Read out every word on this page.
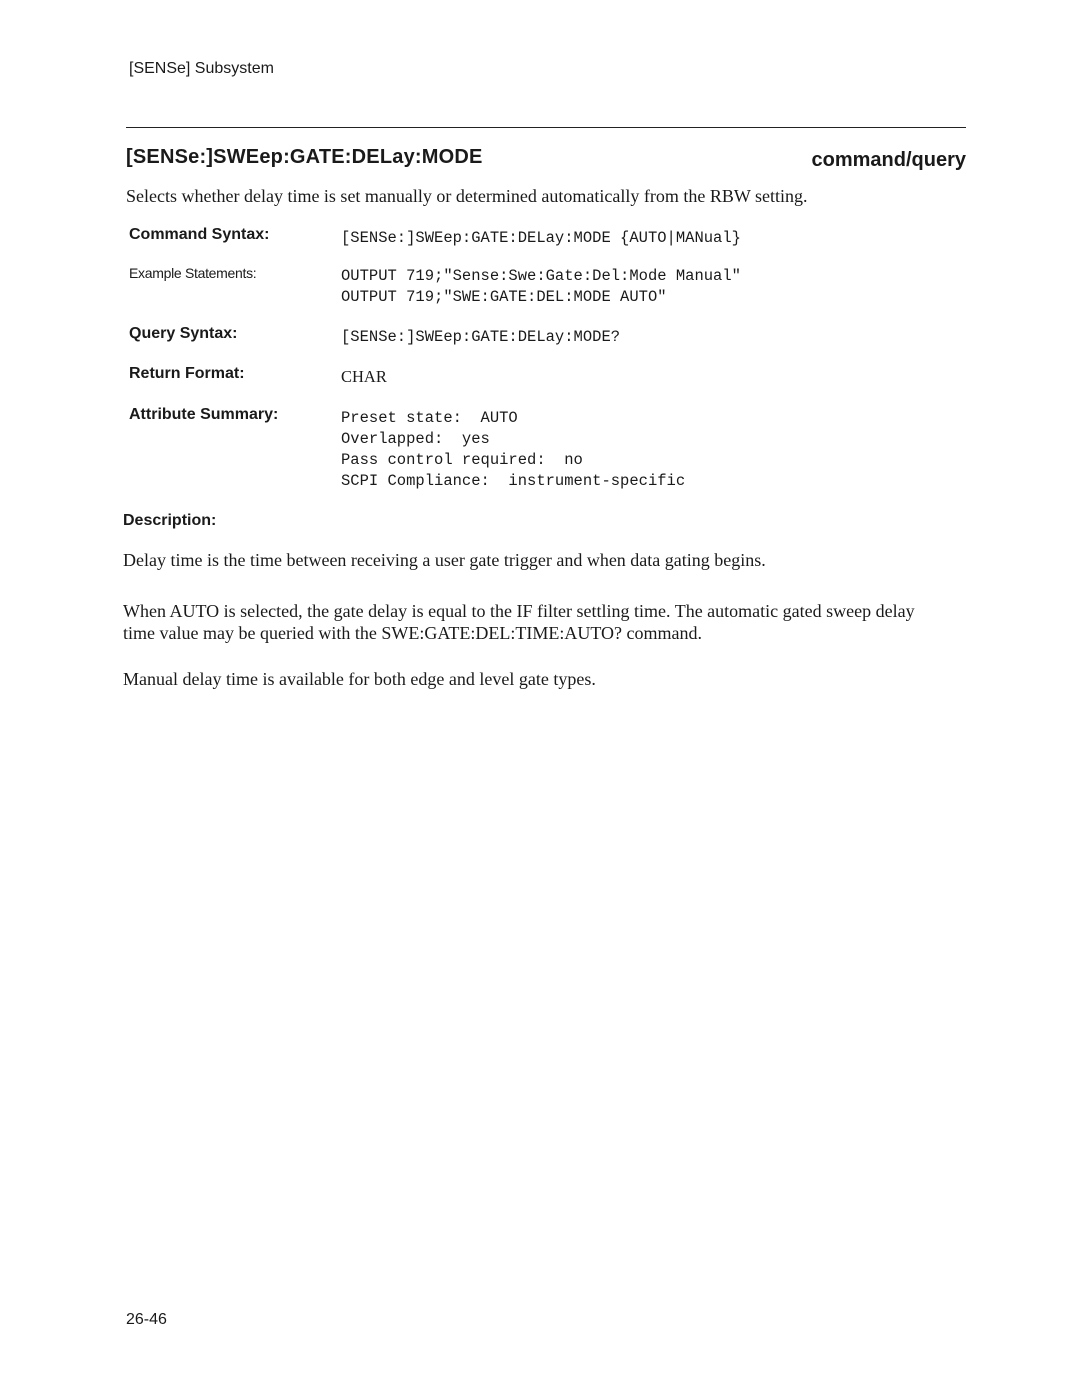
[SENSe] Subsystem
[SENSe:]SWEep:GATE:DELay:MODE	command/query
Selects whether delay time is set manually or determined automatically from the RBW setting.
Command Syntax:	[SENSe:]SWEep:GATE:DELay:MODE {AUTO|MANual}
Example Statements:	OUTPUT 719;"Sense:Swe:Gate:Del:Mode Manual"
OUTPUT 719;"SWE:GATE:DEL:MODE AUTO"
Query Syntax:	[SENSe:]SWEep:GATE:DELay:MODE?
Return Format:	CHAR
Attribute Summary:	Preset state:  AUTO
Overlapped:  yes
Pass control required:  no
SCPI Compliance:  instrument-specific
Description:
Delay time is the time between receiving a user gate trigger and when data gating begins.
When AUTO is selected, the gate delay is equal to the IF filter settling time. The automatic gated sweep delay time value may be queried with the SWE:GATE:DEL:TIME:AUTO? command.
Manual delay time is available for both edge and level gate types.
26-46
